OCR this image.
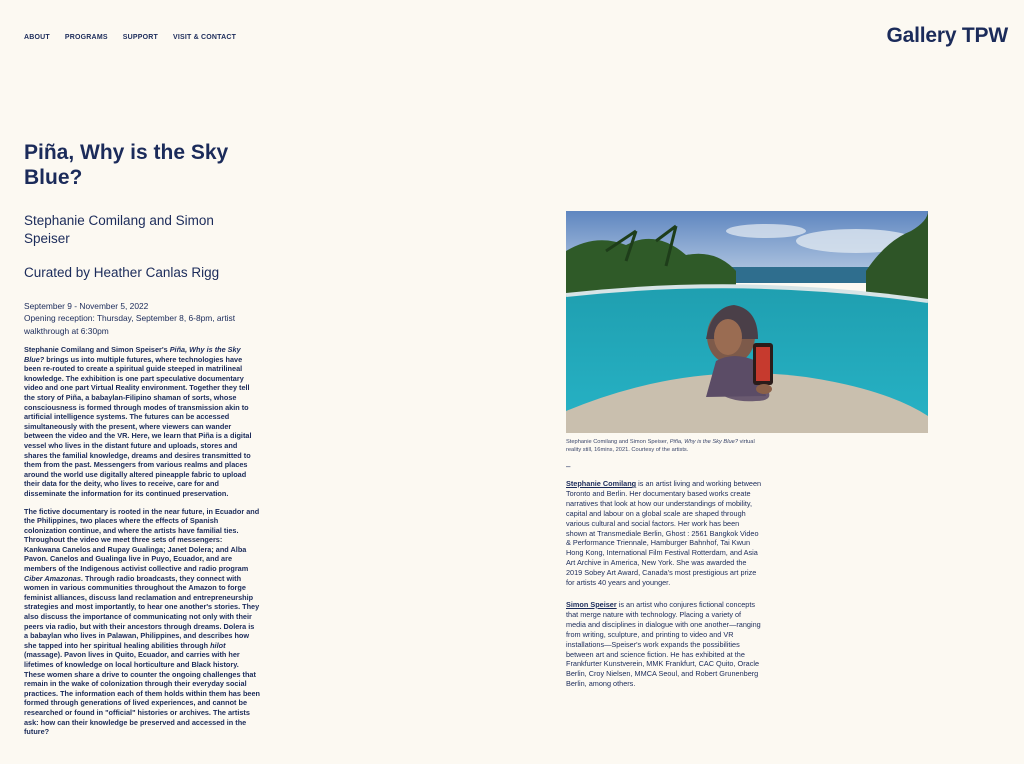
ABOUT PROGRAMS SUPPORT VISIT & CONTACT	Gallery TPW
Piña, Why is the Sky Blue?
Stephanie Comilang and Simon Speiser
Curated by Heather Canlas Rigg
September 9 - November 5, 2022
Opening reception: Thursday, September 8, 6-8pm, artist walkthrough at 6:30pm

Stephanie Comilang and Simon Speiser's Piña, Why is the Sky Blue? brings us into multiple futures, where technologies have been re-routed to create a spiritual guide steeped in matrilineal knowledge. The exhibition is one part speculative documentary video and one part Virtual Reality environment. Together they tell the story of Piña, a babaylan-Filipino shaman of sorts, whose consciousness is formed through modes of transmission akin to artificial intelligence systems. The futures can be accessed simultaneously with the present, where viewers can wander between the video and the VR. Here, we learn that Piña is a digital vessel who lives in the distant future and uploads, stores and shares the familial knowledge, dreams and desires transmitted to them from the past. Messengers from various realms and places around the world use digitally altered pineapple fabric to upload their data for the deity, who lives to receive, care for and disseminate the information for its continued preservation.

The fictive documentary is rooted in the near future, in Ecuador and the Philippines, two places where the effects of Spanish colonization continue, and where the artists have familial ties. Throughout the video we meet three sets of messengers: Kankwana Canelos and Rupay Gualinga; Janet Dolera; and Alba Pavon. Canelos and Gualinga live in Puyo, Ecuador, and are members of the Indigenous activist collective and radio program Ciber Amazonas. Through radio broadcasts, they connect with women in various communities throughout the Amazon to forge feminist alliances, discuss land reclamation and entrepreneurship strategies and most importantly, to hear one another's stories. They also discuss the importance of communicating not only with their peers via radio, but with their ancestors through dreams. Dolera is a babaylan who lives in Palawan, Philippines, and describes how she tapped into her spiritual healing abilities through hilot (massage). Pavon lives in Quito, Ecuador, and carries with her lifetimes of knowledge on local horticulture and Black history. These women share a drive to counter the ongoing challenges that remain in the wake of colonization through their everyday social practices. The information each of them holds within them has been formed through generations of lived experiences, and cannot be researched or found in "official" histories or archives. The artists ask: how can their knowledge be preserved and accessed in the future?

Stephanie Comilang and Simon Speiser, Piña, Why is the Sky Blue? virtual reality still, 16mins, 2021. Courtesy of the artists.
–

Stephanie Comilang is an artist living and working between Toronto and Berlin. Her documentary based works create narratives that look at how our understandings of mobility, capital and labour on a global scale are shaped through various cultural and social factors. Her work has been shown at Transmediale Berlin, Ghost : 2561 Bangkok Video & Performance Triennale, Hamburger Bahnhof, Tai Kwun Hong Kong, International Film Festival Rotterdam, and Asia Art Archive in America, New York. She was awarded the 2019 Sobey Art Award, Canada's most prestigious art prize for artists 40 years and younger.

Simon Speiser is an artist who conjures fictional concepts that merge nature with technology. Placing a variety of media and disciplines in dialogue with one another—ranging from writing, sculpture, and printing to video and VR installations—Speiser's work expands the possibilities between art and science fiction. He has exhibited at the Frankfurter Kunstverein, MMK Frankfurt, CAC Quito, Oracle Berlin, Croy Nielsen, MMCA Seoul, and Robert Grunenberg Berlin, among others.
